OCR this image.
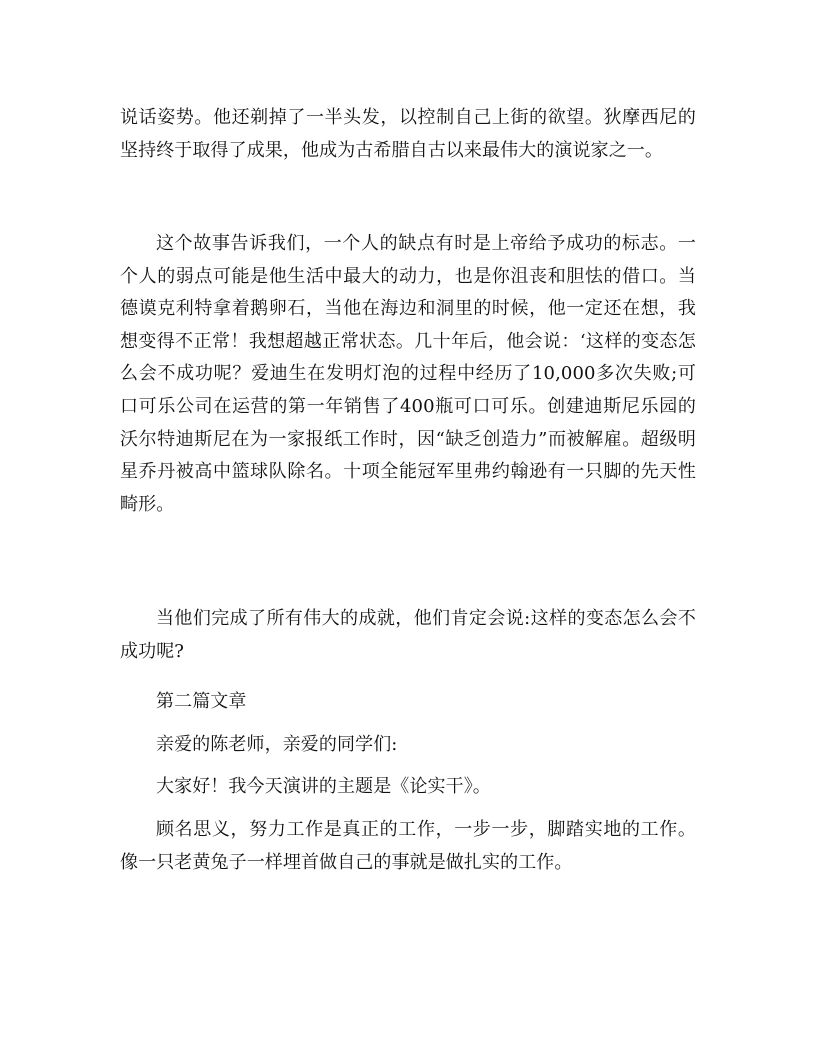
说话姿势。他还剃掉了一半头发，以控制自己上街的欲望。狄摩西尼的坚持终于取得了成果，他成为古希腊自古以来最伟大的演说家之一。

这个故事告诉我们，一个人的缺点有时是上帝给予成功的标志。一个人的弱点可能是他生活中最大的动力，也是你沮丧和胆怯的借口。当德谟克利特拿着鹅卵石，当他在海边和洞里的时候，他一定还在想，我想变得不正常！我想超越正常状态。几十年后，他会说：‘这样的变态怎么会不成功呢？爱迪生在发明灯泡的过程中经历了10,000多次失败;可口可乐公司在运营的第一年销售了400瓶可口可乐。创建迪斯尼乐园的沃尔特迪斯尼在为一家报纸工作时，因“缺乏创造力”而被解雇。超级明星乔丹被高中篮球队除名。十项全能冠军里弗约翰逊有一只脚的先天性畸形。

当他们完成了所有伟大的成就，他们肯定会说:这样的变态怎么会不成功呢?

第二篇文章

亲爱的陈老师，亲爱的同学们:

大家好！我今天演讲的主题是《论实干》。

顾名思义，努力工作是真正的工作，一步一步，脚踏实地的工作。像一只老黄兔子一样埋首做自己的事就是做扎实的工作。
